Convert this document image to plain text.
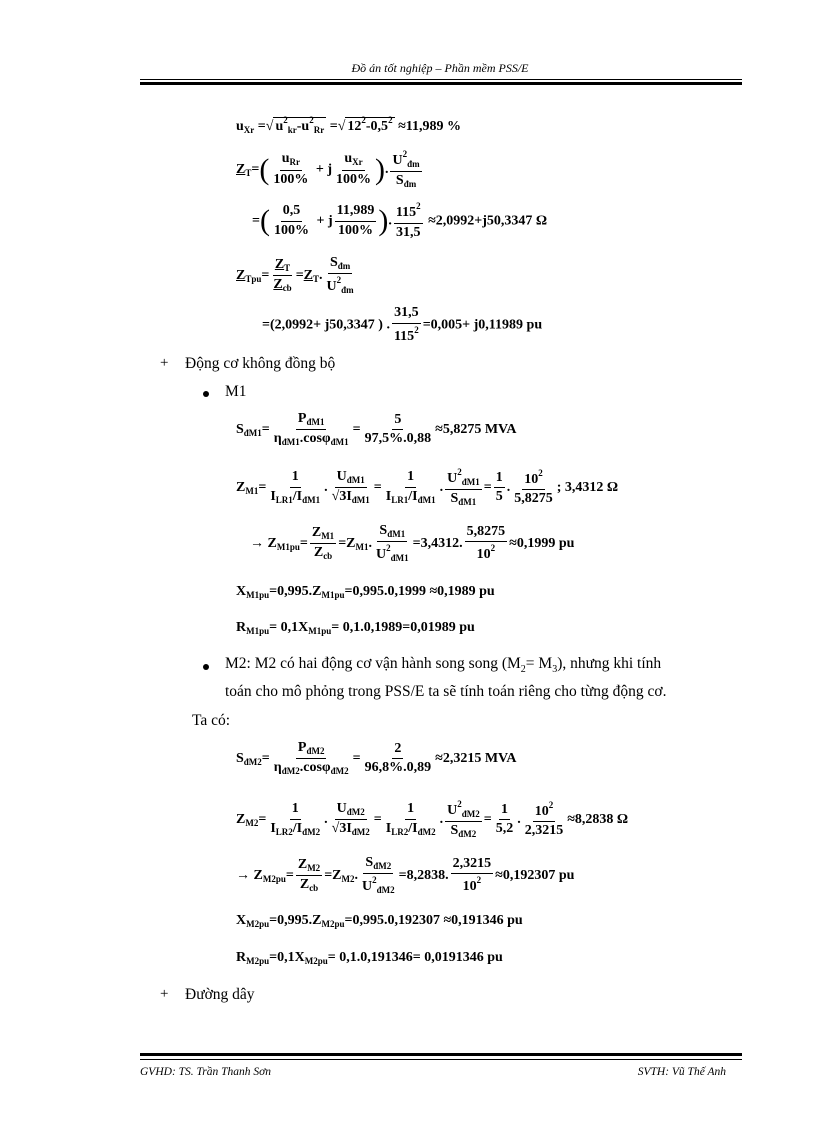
Đồ án tốt nghiệp – Phần mềm PSS/E
$u_{Xr}$ =√ $u^2_{kr}-u^2_{Rr}$ =√ $12^2-0,5^2 \approx 11,989$ %
$Z_T=( \frac{u_{Rr}}{100\%} + j \frac{u_{Xr}}{100\%}$ ). $\frac{U^2_{đm}}{S_{đm}}$
=( $\frac{0,5}{100\%} + j \frac{11,989}{100\%}$ ). $\frac{115^2}{31,5} \approx 2,0992+j50,3347$ Ω
$Z_{Tpu}= \frac{Z_T}{Z_{cb}} =Z_T$. $\frac{S_{đm}}{U^2_{đm}}$
=(2,0992+ j50,3347 ) . $\frac{31,5}{115^2} =0,005+ j0,11989$ pu
+ Động cơ không đồng bộ
M1
$S_{đM1}= \frac{P_{đM1}}{\eta_{đM1}.\cos\varphi_{đM1}} = \frac{5}{97,5\%.0,88} \approx 5,8275$ MVA
$Z_{M1}= \frac{1}{I_{LR1}/I_{đM1}}$ . $\frac{U_{đM1}}{√3I_{đM1}} = \frac{1}{I_{LR1}/I_{đM1}}$ . $\frac{U^2_{đM1}}{S_{đM1}} = \frac{1}{5}$ . $\frac{10^2}{5,8275}$ ; 3,4312 Ω
→ $Z_{M1pu}= \frac{Z_{M1}}{Z_{cb}} =Z_{M1}$. $\frac{S_{đM1}}{U^2_{đM1}} =3,4312$. $\frac{5,8275}{10^2} \approx 0,1999$ pu
$X_{M1pu}=0,995.Z_{M1pu}=0,995.0,1999 \approx 0,1989$ pu
$R_{M1pu}= 0,1X_{M1pu}= 0,1.0,1989=0,01989$ pu
M2: M2 có hai động cơ vận hành song song $(M_2= M_3)$, nhưng khi tính
toán cho mô phỏng trong PSS/E ta sẽ tính toán riêng cho từng động cơ.
Ta có:
$S_{đM2}= \frac{P_{đM2}}{\eta_{đM2}.\cos\varphi_{đM2}} = \frac{2}{96,8\%.0,89} \approx 2,3215$ MVA
$Z_{M2}= \frac{1}{I_{LR2}/I_{đM2}}$ . $\frac{U_{đM2}}{√3I_{đM2}} = \frac{1}{I_{LR2}/I_{đM2}}$ . $\frac{U^2_{đM2}}{S_{đM2}} = \frac{1}{5,2}$ . $\frac{10^2}{2,3215} \approx 8,2838$ Ω
→ $Z_{M2pu}= \frac{Z_{M2}}{Z_{cb}} =Z_{M2}$. $\frac{S_{đM2}}{U^2_{đM2}} =8,2838$. $\frac{2,3215}{10^2} \approx 0,192307$ pu
$X_{M2pu}=0,995.Z_{M2pu}=0,995.0,192307 \approx 0,191346$ pu
$R_{M2pu}=0,1X_{M2pu}= 0,1.0,191346= 0,0191346$ pu
+ Đường dây
GVHD: TS. Trần Thanh Sơn	SVTH: Vũ Thế Anh
